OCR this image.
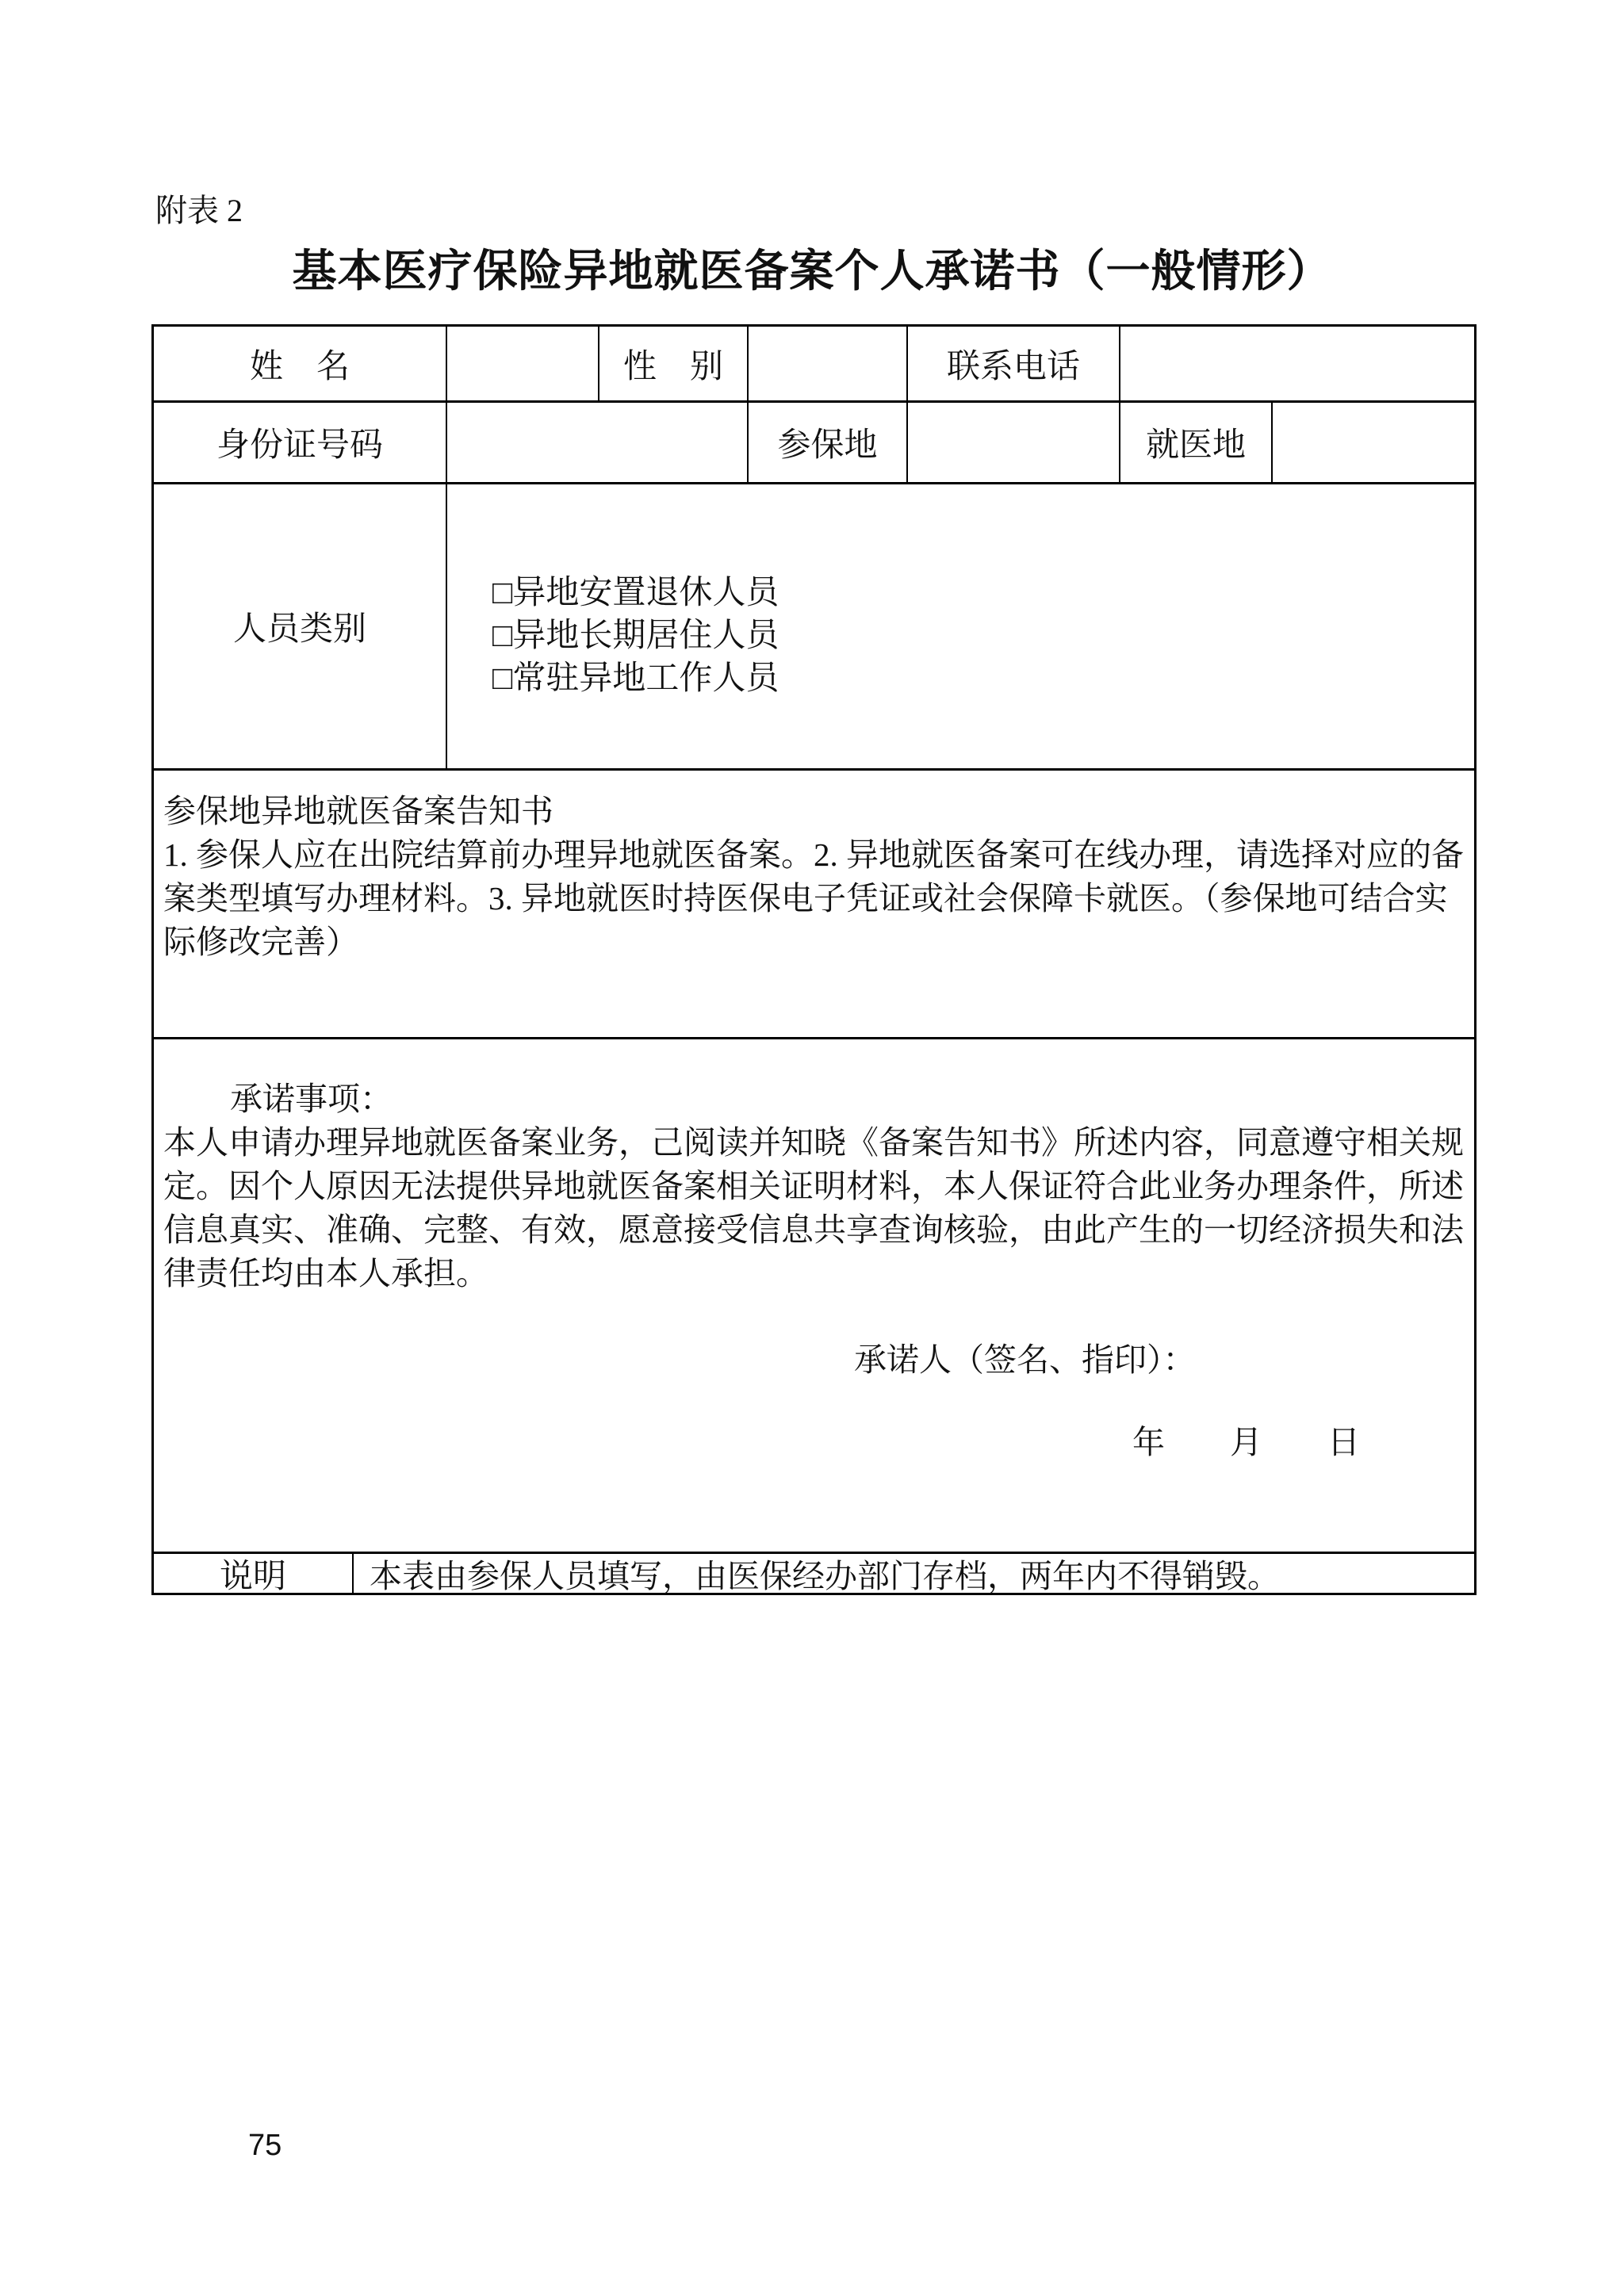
附表 2
基本医疗保险异地就医备案个人承诺书（一般情形）
姓　名	性　别	联系电话
身份证号码	参保地	就医地
人员类别
□异地安置退休人员
□异地长期居住人员
□常驻异地工作人员
参保地异地就医备案告知书
1. 参保人应在出院结算前办理异地就医备案。2. 异地就医备案可在线办理，请选择对应的备
案类型填写办理材料。3. 异地就医时持医保电子凭证或社会保障卡就医。（参保地可结合实
际修改完善）
承诺事项：
本人申请办理异地就医备案业务，己阅读并知晓《备案告知书》所述内容，同意遵守相关规
定。因个人原因无法提供异地就医备案相关证明材料，本人保证符合此业务办理条件，所述
信息真实、准确、完整、有效，愿意接受信息共享查询核验，由此产生的一切经济损失和法
律责任均由本人承担。
承诺人（签名、指印）：
年　　月　　日
说明	本表由参保人员填写，由医保经办部门存档，两年内不得销毁。
75
